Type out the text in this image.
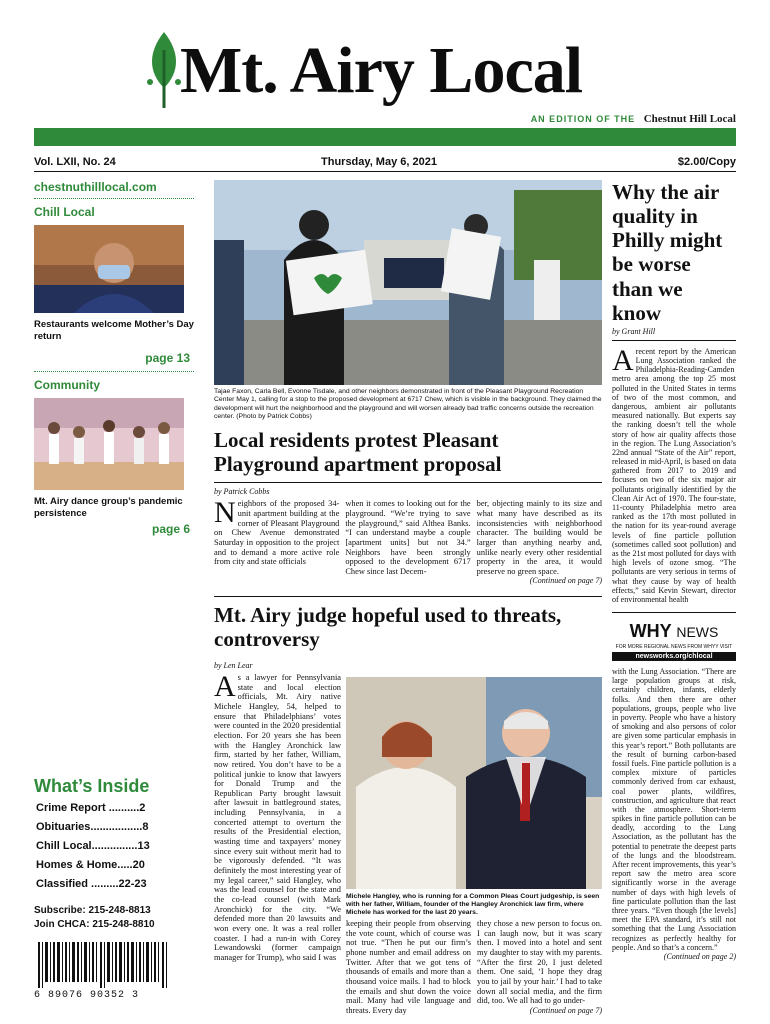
Mt. Airy Local
AN EDITION OF THE Chestnut Hill Local
Vol. LXII, No. 24	Thursday, May 6, 2021	$2.00/Copy
chestnuthilllocal.com
Chill Local
Restaurants welcome Mother’s Day return
page 13
Community
Mt. Airy dance group’s pandemic persistence
page 6
What’s Inside
Crime Report ..........2
Obituaries.................8
Chill Local...............13
Homes & Home.....20
Classified .........22-23
Subscribe: 215-248-8813
Join CHCA: 215-248-8810
6 89076 90352 3
Tajae Faxon, Carla Bell, Evonne Tisdale, and other neighbors demonstrated in front of the Pleasant Playground Recreation Center May 1, calling for a stop to the proposed development at 6717 Chew, which is visible in the background. They claimed the development will hurt the neighborhood and the playground and will worsen already bad traffic concerns outside the recreation center. (Photo by Patrick Cobbs)
Local residents protest Pleasant Playground apartment proposal
by Patrick Cobbs
N eighbors of the proposed 34-unit apartment building at the corner of Pleasant Playground on Chew Avenue demonstrated Saturday in opposition to the project and to demand a more active role from city and state officials
when it comes to looking out for the playground. “We’re trying to save the playground,” said Althea Banks. “I can understand maybe a couple [apartment units] but not 34.” Neighbors have been strongly opposed to the development 6717 Chew since last Decem-
ber, objecting mainly to its size and what many have described as its inconsistencies with neighborhood character. The building would be larger than anything nearby and, unlike nearly every other residential property in the area, it would preserve no green space.
(Continued on page 7)
Mt. Airy judge hopeful used to threats, controversy
by Len Lear
A s a lawyer for Pennsylvania state and local election officials, Mt. Airy native Michele Hangley, 54, helped to ensure that Philadelphians’ votes were counted in the 2020 presidential election. For 20 years she has been with the Hangley Aronchick law firm, started by her father, William, now retired. You don’t have to be a political junkie to know that lawyers for Donald Trump and the Republican Party brought lawsuit after lawsuit in battleground states, including Pennsylvania, in a concerted attempt to overturn the results of the Presidential election, wasting time and taxpayers’ money since every suit without merit had to be vigorously defended. “It was definitely the most interesting year of my legal career,” said Hangley, who was the lead counsel for the state and the co-lead counsel (with Mark Aronchick) for the city. “We defended more than 20 lawsuits and won every one. It was a real roller coaster. I had a run-in with Corey Lewandowski (former campaign manager for Trump), who said I was
Michele Hangley, who is running for a Common Pleas Court judgeship, is seen with her father, William, founder of the Hangley Aronchick law firm, where Michele has worked for the last 20 years.
keeping their people from observing the vote count, which of course was not true. “Then he put our firm’s phone number and email address on Twitter. After that we got tens of thousands of emails and more than a thousand voice mails. I had to block the emails and shut down the voice mail. Many had vile language and threats. Every day
they chose a new person to focus on. I can laugh now, but it was scary then. I moved into a hotel and sent my daughter to stay with my parents. “After the first 20, I just deleted them. One said, ‘I hope they drag you to jail by your hair.’ I had to take down all social media, and the firm did, too. We all had to go under-
(Continued on page 7)
Why the air quality in Philly might be worse than we know
by Grant Hill
A recent report by the American Lung Association ranked the Philadelphia-Reading-Camden metro area among the top 25 most polluted in the United States in terms of two of the most common, and dangerous, ambient air pollutants measured nationally. But experts say the ranking doesn’t tell the whole story of how air quality affects those in the region. The Lung Association’s 22nd annual “State of the Air” report, released in mid-April, is based on data gathered from 2017 to 2019 and focuses on two of the six major air pollutants originally identified by the Clean Air Act of 1970. The four-state, 11-county Philadelphia metro area ranked as the 17th most polluted in the nation for its year-round average levels of fine particle pollution (sometimes called soot pollution) and as the 21st most polluted for days with high levels of ozone smog. “The pollutants are very serious in terms of what they cause by way of health effects,” said Kevin Stewart, director of environmental health
WHY NEWS
FOR MORE REGIONAL NEWS FROM WHYY VISIT
newsworks.org/chlocal
with the Lung Association. “There are large population groups at risk, certainly children, infants, elderly folks. And then there are other populations, groups, people who live in poverty. People who have a history of smoking and also persons of color are given some particular emphasis in this year’s report.” Both pollutants are the result of burning carbon-based fossil fuels. Fine particle pollution is a complex mixture of particles commonly derived from car exhaust, coal power plants, wildfires, construction, and agriculture that react with the atmosphere. Short-term spikes in fine particle pollution can be deadly, according to the Lung Association, as the pollutant has the potential to penetrate the deepest parts of the lungs and the bloodstream. After recent improvements, this year’s report saw the metro area score significantly worse in the average number of days with high levels of fine particulate pollution than the last three years. “Even though [the levels] meet the EPA standard, it’s still not something that the Lung Association recognizes as perfectly healthy for people. And so that’s a concern.”
(Continued on page 2)
